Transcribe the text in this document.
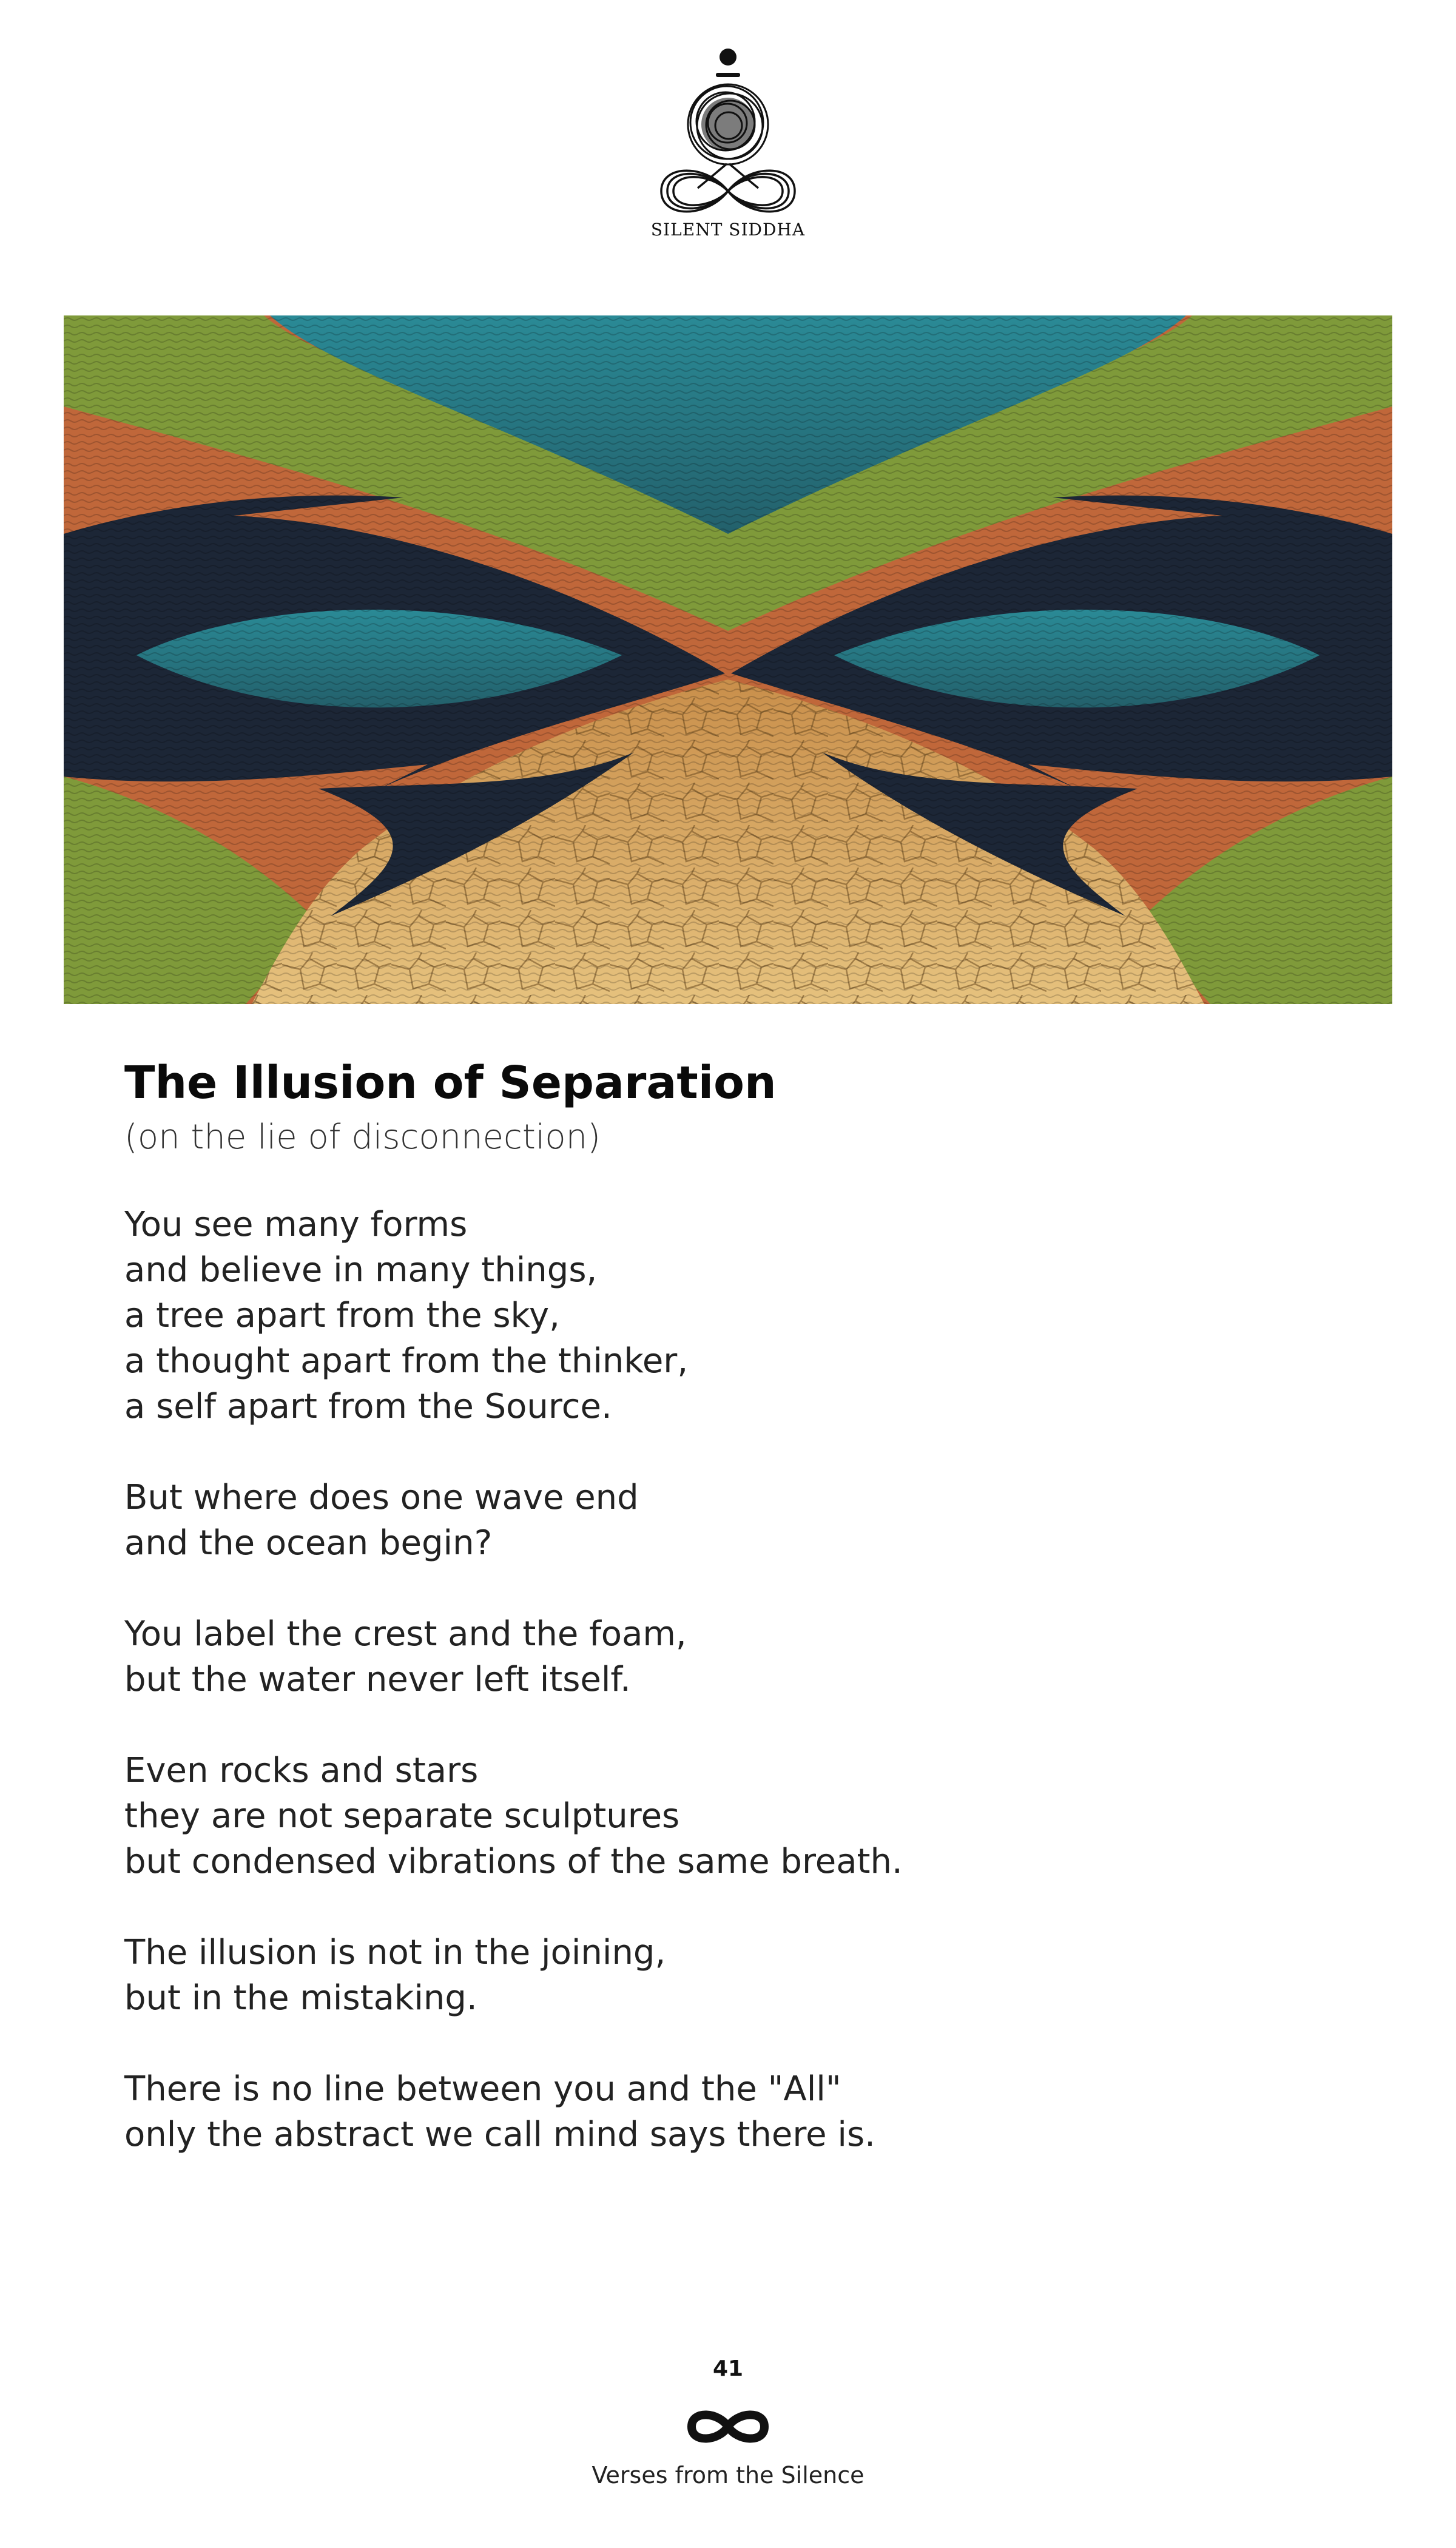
SILENT SIDDHA
The Illusion of Separation
(on the lie of disconnection)
You see many forms
and believe in many things,
a tree apart from the sky,
a thought apart from the thinker,
a self apart from the Source.
But where does one wave end
and the ocean begin?
You label the crest and the foam,
but the water never left itself.
Even rocks and stars
they are not separate sculptures
but condensed vibrations of the same breath.
The illusion is not in the joining,
but in the mistaking.
There is no line between you and the "All"
only the abstract we call mind says there is.
41
Verses from the Silence
